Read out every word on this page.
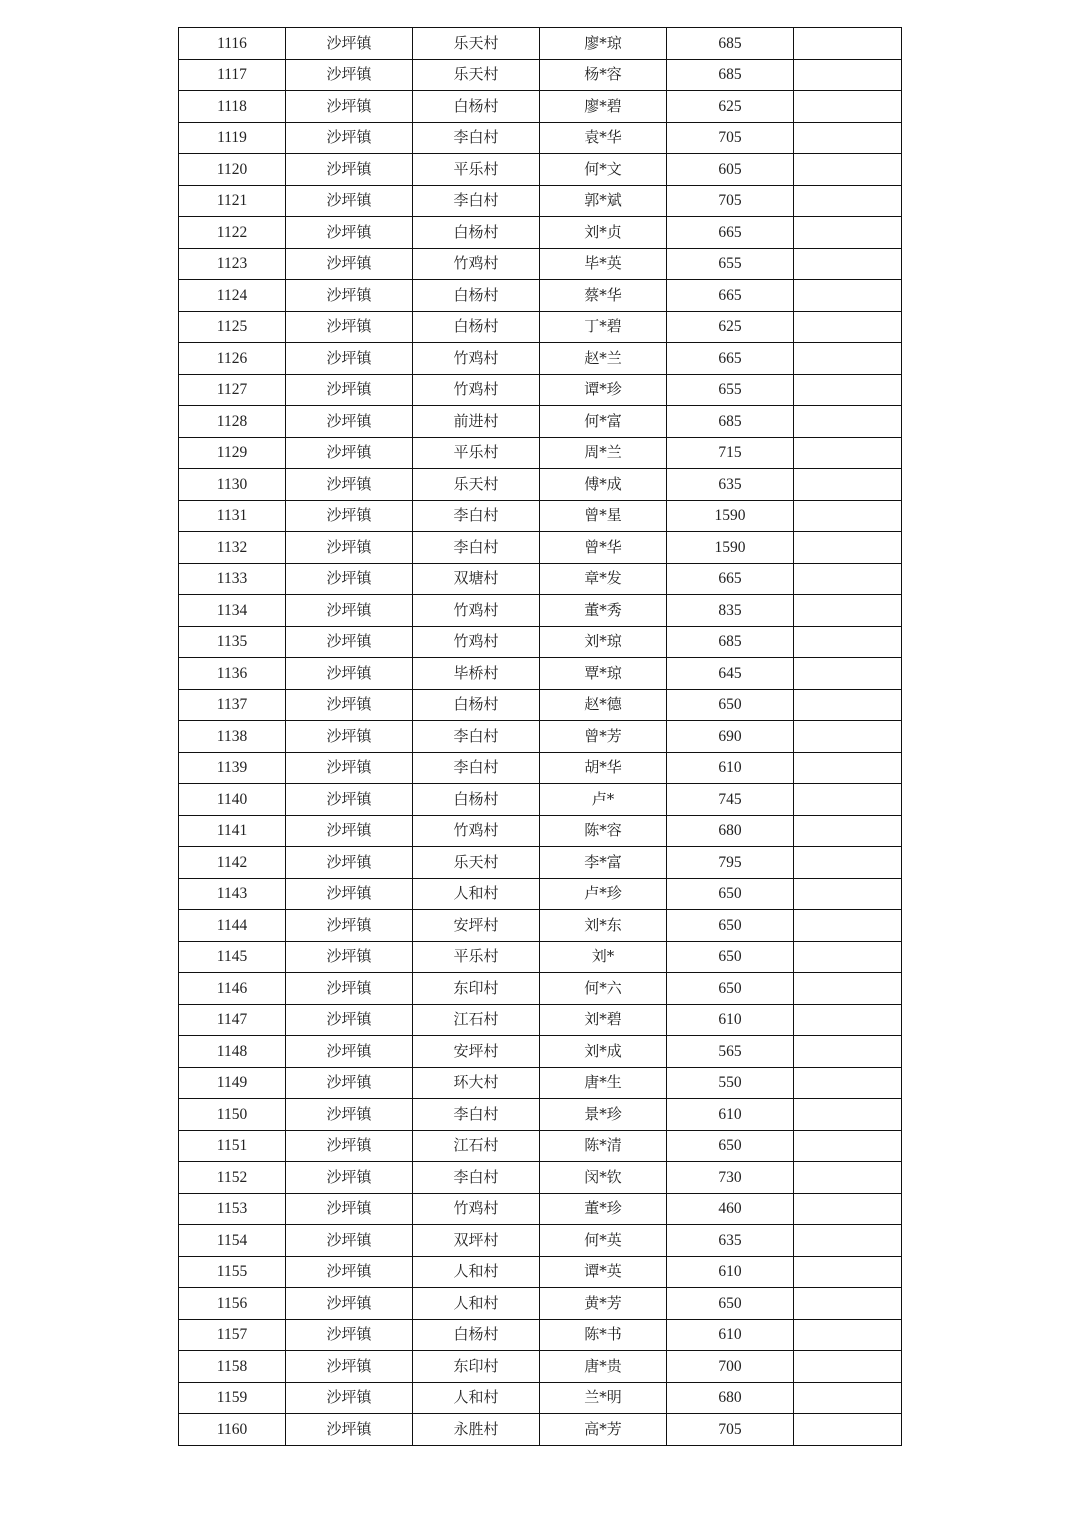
1116	沙坪镇	乐天村	廖*琼	685	
1117	沙坪镇	乐天村	杨*容	685	
1118	沙坪镇	白杨村	廖*碧	625	
1119	沙坪镇	李白村	袁*华	705	
1120	沙坪镇	平乐村	何*文	605	
1121	沙坪镇	李白村	郭*斌	705	
1122	沙坪镇	白杨村	刘*贞	665	
1123	沙坪镇	竹鸡村	毕*英	655	
1124	沙坪镇	白杨村	蔡*华	665	
1125	沙坪镇	白杨村	丁*碧	625	
1126	沙坪镇	竹鸡村	赵*兰	665	
1127	沙坪镇	竹鸡村	谭*珍	655	
1128	沙坪镇	前进村	何*富	685	
1129	沙坪镇	平乐村	周*兰	715	
1130	沙坪镇	乐天村	傅*成	635	
1131	沙坪镇	李白村	曾*星	1590	
1132	沙坪镇	李白村	曾*华	1590	
1133	沙坪镇	双塘村	章*发	665	
1134	沙坪镇	竹鸡村	董*秀	835	
1135	沙坪镇	竹鸡村	刘*琼	685	
1136	沙坪镇	毕桥村	覃*琼	645	
1137	沙坪镇	白杨村	赵*德	650	
1138	沙坪镇	李白村	曾*芳	690	
1139	沙坪镇	李白村	胡*华	610	
1140	沙坪镇	白杨村	卢*	745	
1141	沙坪镇	竹鸡村	陈*容	680	
1142	沙坪镇	乐天村	李*富	795	
1143	沙坪镇	人和村	卢*珍	650	
1144	沙坪镇	安坪村	刘*东	650	
1145	沙坪镇	平乐村	刘*	650	
1146	沙坪镇	东印村	何*六	650	
1147	沙坪镇	江石村	刘*碧	610	
1148	沙坪镇	安坪村	刘*成	565	
1149	沙坪镇	环大村	唐*生	550	
1150	沙坪镇	李白村	景*珍	610	
1151	沙坪镇	江石村	陈*清	650	
1152	沙坪镇	李白村	闵*钦	730	
1153	沙坪镇	竹鸡村	董*珍	460	
1154	沙坪镇	双坪村	何*英	635	
1155	沙坪镇	人和村	谭*英	610	
1156	沙坪镇	人和村	黄*芳	650	
1157	沙坪镇	白杨村	陈*书	610	
1158	沙坪镇	东印村	唐*贵	700	
1159	沙坪镇	人和村	兰*明	680	
1160	沙坪镇	永胜村	高*芳	705	
